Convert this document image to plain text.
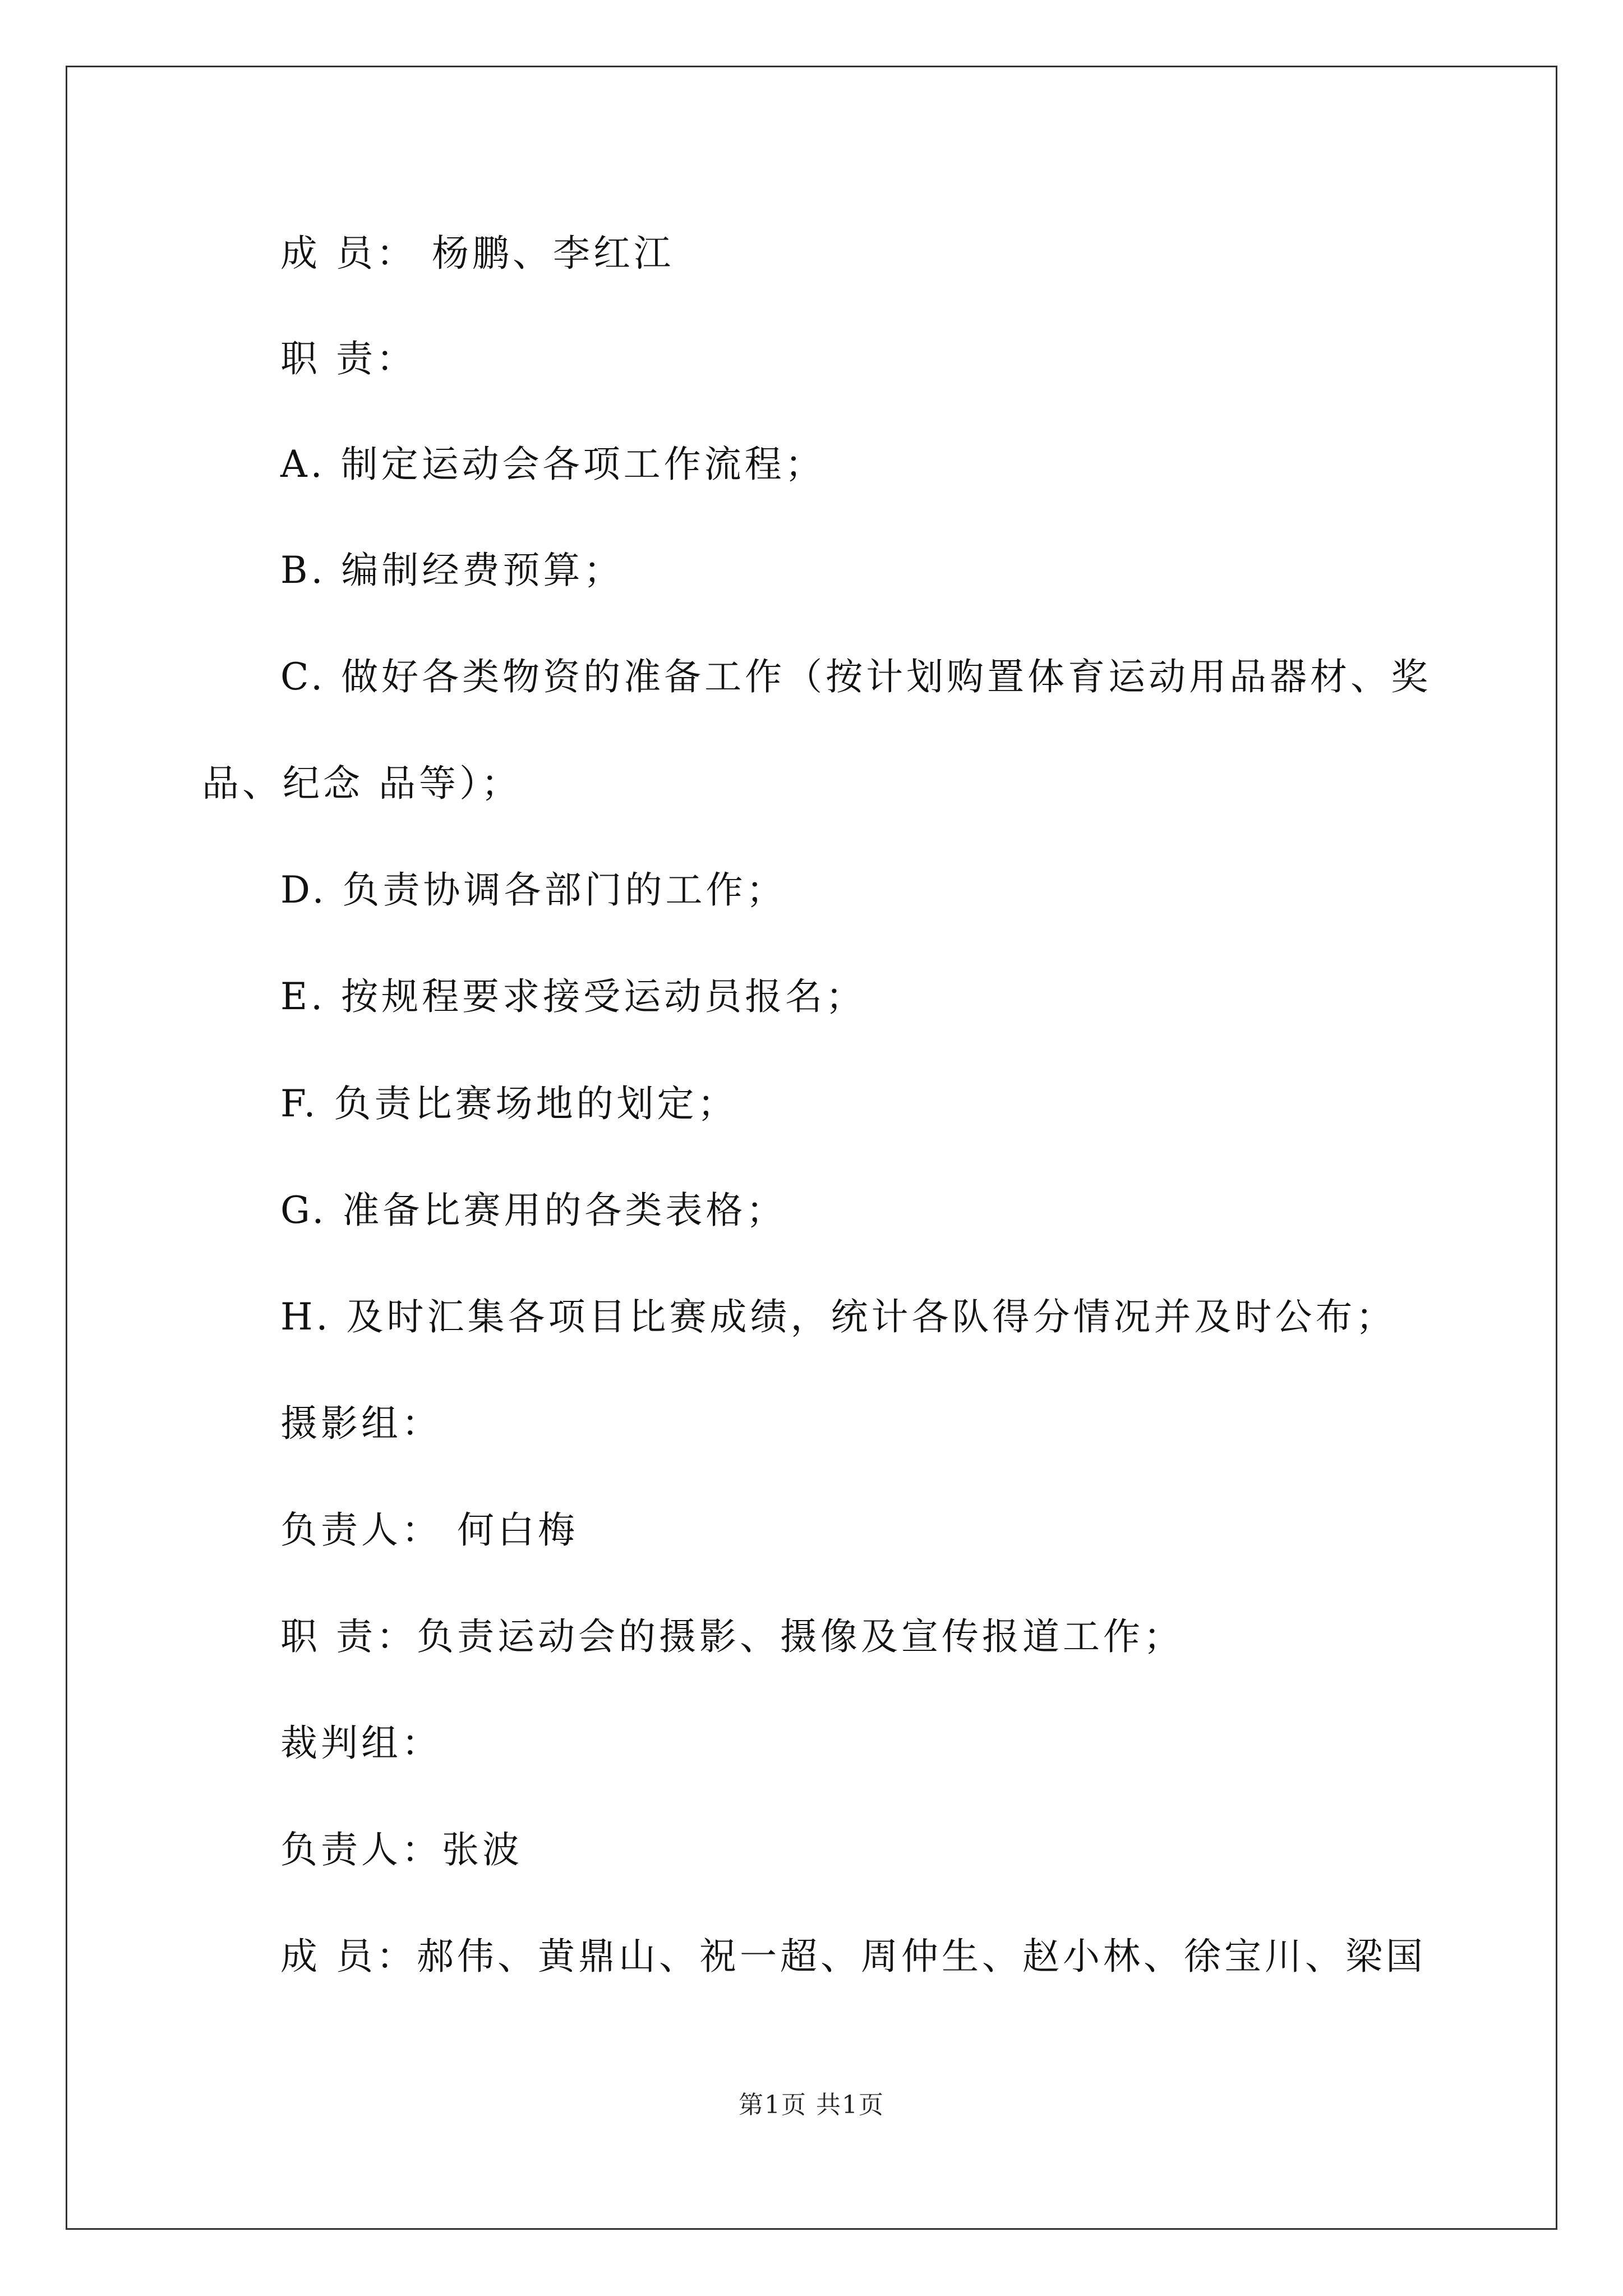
成 员： 杨鹏、李红江
职 责：
A. 制定运动会各项工作流程；
B. 编制经费预算；
C. 做好各类物资的准备工作（按计划购置体育运动用品器材、奖
品、纪念 品等）；
D. 负责协调各部门的工作；
E. 按规程要求接受运动员报名；
F. 负责比赛场地的划定；
G. 准备比赛用的各类表格；
H. 及时汇集各项目比赛成绩，统计各队得分情况并及时公布；
摄影组：
负责人： 何白梅
职 责：负责运动会的摄影、摄像及宣传报道工作；
裁判组：
负责人：张波
成 员：郝伟、黄鼎山、祝一超、周仲生、赵小林、徐宝川、梁国
第1页 共1页
